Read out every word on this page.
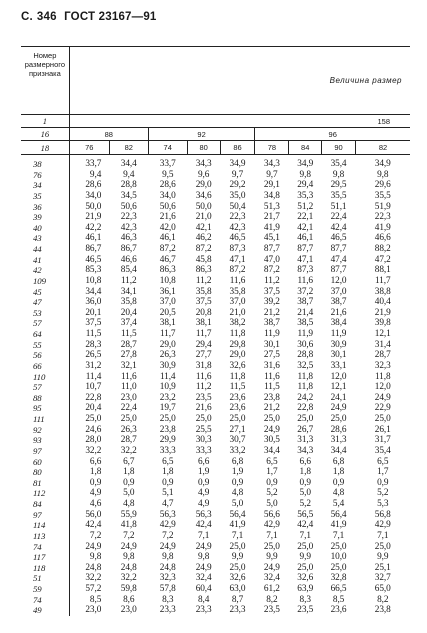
С. 346 ГОСТ 23167—91
Номер размерного признака	Величина размер								
1	158								
16	88		92			96			
18	76	82	74	80	86	78	84	90	82
38	33,7	34,4	33,7	34,3	34,9	34,3	34,9	35,4	34,9
76	9,4	9,4	9,5	9,6	9,7	9,7	9,8	9,8	9,8
34	28,6	28,8	28,6	29,0	29,2	29,1	29,4	29,5	29,6
35	34,0	34,5	34,0	34,6	35,0	34,8	35,3	35,5	35,5
36	50,0	50,6	50,6	50,0	50,4	51,3	51,2	51,1	51,9
39	21,9	22,3	21,6	21,0	22,3	21,7	22,1	22,4	22,3
40	42,2	42,3	42,0	42,1	42,3	41,9	42,1	42,4	41,9
43	46,1	46,3	46,1	46,2	46,5	45,1	46,1	46,5	46,6
44	86,7	86,7	87,2	87,2	87,3	87,7	87,7	87,7	88,2
41	46,5	46,6	46,7	45,8	47,1	47,0	47,1	47,4	47,2
42	85,3	85,4	86,3	86,3	87,2	87,2	87,3	87,7	88,1
109	10,8	11,2	10,8	11,2	11,6	11,2	11,6	12,0	11,7
45	34,4	34,1	36,1	35,8	35,8	37,5	37,2	37,0	38,8
47	36,0	35,8	37,0	37,5	37,0	39,2	38,7	38,7	40,4
53	20,1	20,4	20,5	20,8	21,0	21,2	21,4	21,6	21,9
57	37,5	37,4	38,1	38,1	38,2	38,7	38,5	38,4	39,8
64	11,5	11,5	11,7	11,7	11,8	11,9	11,9	11,9	12,1
55	28,3	28,7	29,0	29,4	29,8	30,1	30,6	30,9	31,4
56	26,5	27,8	26,3	27,7	29,0	27,5	28,8	30,1	28,7
66	31,2	32,1	30,9	31,8	32,6	31,6	32,5	33,1	32,3
110	11,4	11,6	11,4	11,6	11,8	11,6	11,8	12,0	11,8
57	10,7	11,0	10,9	11,2	11,5	11,5	11,8	12,1	12,0
88	22,8	23,0	23,2	23,5	23,6	23,8	24,2	24,1	24,9
95	20,4	22,4	19,7	21,6	23,6	21,2	22,8	24,9	22,9
111	25,0	25,0	25,0	25,0	25,0	25,0	25,0	25,0	25,0
92	24,6	26,3	23,8	25,5	27,1	24,9	26,7	28,6	26,1
93	28,0	28,7	29,9	30,3	30,7	30,5	31,3	31,3	31,7
97	32,2	32,2	33,3	33,3	33,2	34,4	34,3	34,4	35,4
60	6,6	6,7	6,5	6,6	6,8	6,5	6,6	6,8	6,5
80	1,8	1,8	1,8	1,9	1,9	1,7	1,8	1,8	1,7
81	0,9	0,9	0,9	0,9	0,9	0,9	0,9	0,9	0,9
112	4,9	5,0	5,1	4,9	4,8	5,2	5,0	4,8	5,2
84	4,6	4,8	4,7	4,9	5,0	5,0	5,2	5,4	5,3
97	56,0	55,9	56,3	56,3	56,4	56,6	56,5	56,4	56,8
114	42,4	41,8	42,9	42,4	41,9	42,9	42,4	41,9	42,9
113	7,2	7,2	7,2	7,1	7,1	7,1	7,1	7,1	7,1
74	24,9	24,9	24,9	24,9	25,0	25,0	25,0	25,0	25,0
117	9,8	9,8	9,8	9,8	9,9	9,9	9,9	10,0	9,9
118	24,8	24,8	24,8	24,9	25,0	24,9	25,0	25,0	25,1
51	32,2	32,2	32,3	32,4	32,6	32,4	32,6	32,8	32,7
59	57,2	59,8	57,8	60,4	63,0	61,2	63,9	66,5	65,0
74	8,5	8,6	8,3	8,4	8,7	8,2	8,3	8,5	8,2
49	23,0	23,0	23,3	23,3	23,3	23,5	23,5	23,6	23,8
